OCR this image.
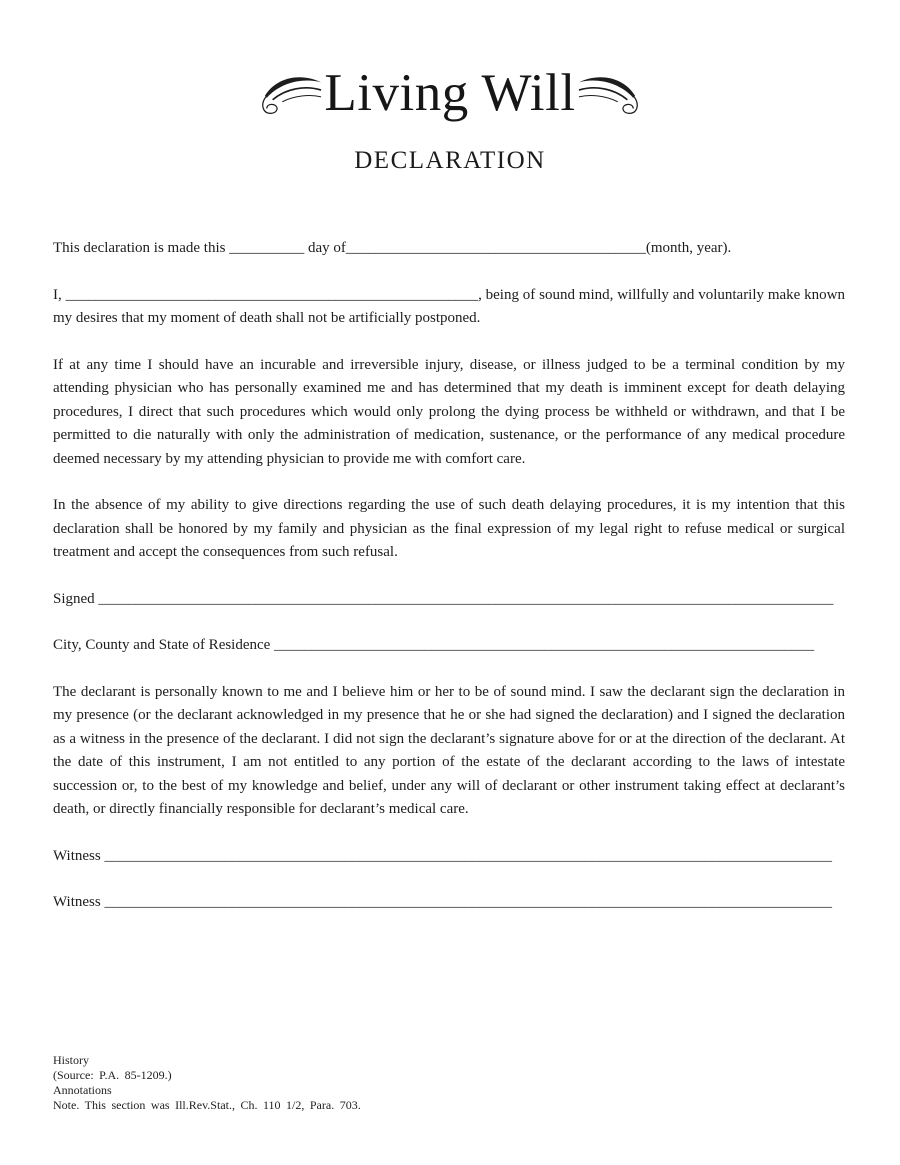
Living Will
DECLARATION

This declaration is made this __________ day of________________________________________(month, year).

I, _______________________________________________________, being of sound mind, willfully and voluntarily make known my desires that my moment of death shall not be artificially postponed.

If at any time I should have an incurable and irreversible injury, disease, or illness judged to be a terminal condition by my attending physician who has personally examined me and has determined that my death is imminent except for death delaying procedures, I direct that such procedures which would only prolong the dying process be withheld or withdrawn, and that I be permitted to die naturally with only the administration of medication, sustenance, or the performance of any medical procedure deemed necessary by my attending physician to provide me with comfort care.

In the absence of my ability to give directions regarding the use of such death delaying procedures, it is my intention that this declaration shall be honored by my family and physician as the final expression of my legal right to refuse medical or surgical treatment and accept the consequences from such refusal.

Signed __________________________________________________________________________________________________

City, County and State of Residence ________________________________________________________________________

The declarant is personally known to me and I believe him or her to be of sound mind. I saw the declarant sign the declaration in my presence (or the declarant acknowledged in my presence that he or she had signed the declaration) and I signed the declaration as a witness in the presence of the declarant. I did not sign the declarant’s signature above for or at the direction of the declarant. At the date of this instrument, I am not entitled to any portion of the estate of the declarant according to the laws of intestate succession or, to the best of my knowledge and belief, under any will of declarant or other instrument taking effect at declarant’s death, or directly financially responsible for declarant’s medical care.

Witness _________________________________________________________________________________________________

Witness _________________________________________________________________________________________________

History
(Source: P.A. 85-1209.)
Annotations
Note. This section was Ill.Rev.Stat., Ch. 110 1/2, Para. 703.
